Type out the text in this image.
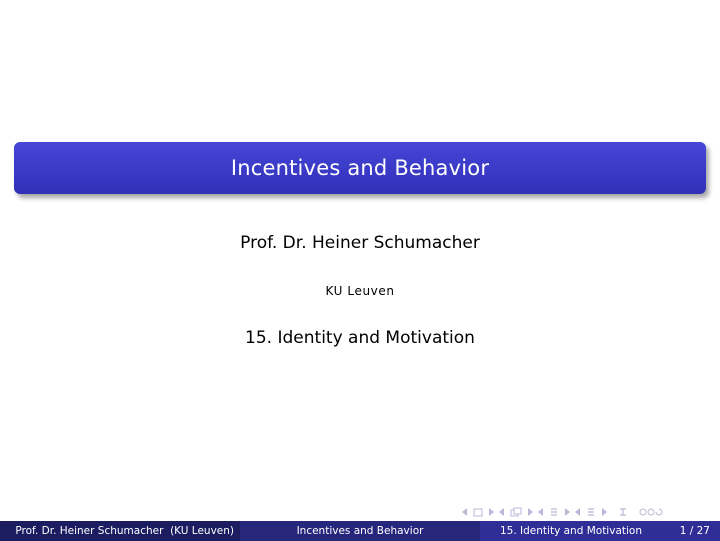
Incentives and Behavior
Prof. Dr. Heiner Schumacher
KU Leuven
15. Identity and Motivation
Prof. Dr. Heiner Schumacher  (KU Leuven)	Incentives and Behavior	15. Identity and Motivation	1 / 27
